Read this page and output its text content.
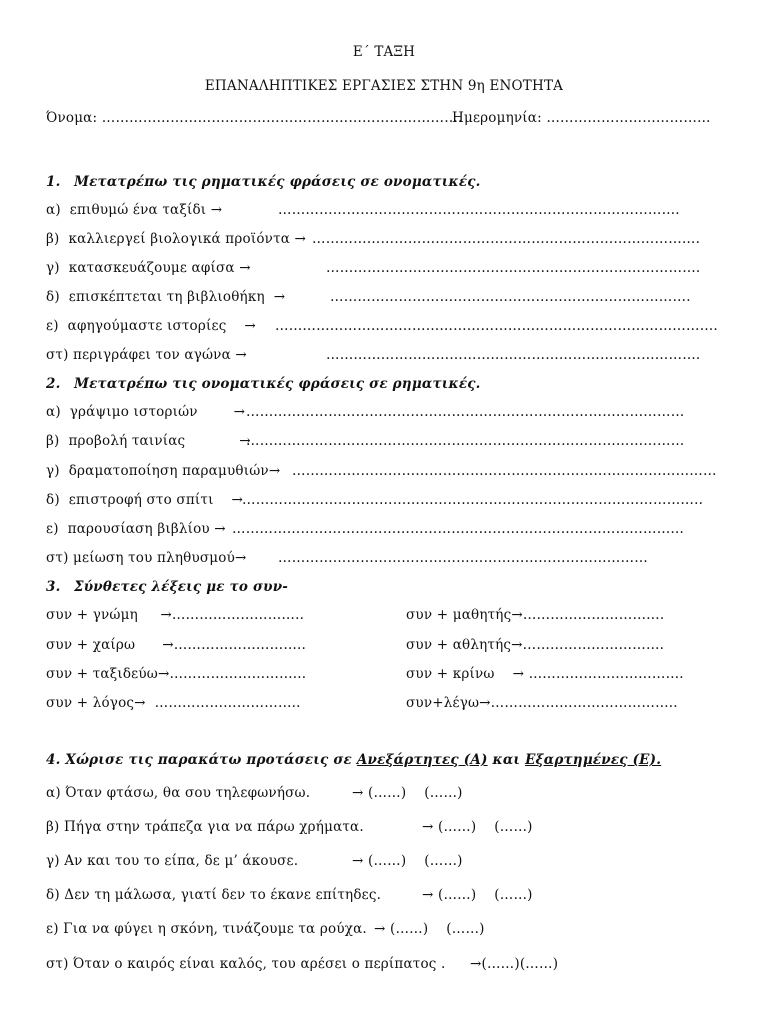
Ε΄ ΤΑΞΗ
ΕΠΑΝΑΛΗΠΤΙΚΕΣ ΕΡΓΑΣΙΕΣ ΣΤΗΝ 9η ΕΝΟΤΗΤΑ
Όνομα: …………………………………………………………………….
Ημερομηνία: ………………………………
1. Μετατρέπω τις ρηματικές φράσεις σε ονοματικές.
α)  επιθυμώ ένα ταξίδι →	…………………………………………………………………………….
β)  καλλιεργεί βιολογικά προϊόντα → ………………………………………………………………………….
γ)  κατασκευάζουμε αφίσα →	……………………………………………………………………….
δ)  επισκέπτεται τη βιβλιοθήκη  →	…………………………………………………………………….
ε)  αφηγούμαστε ιστορίες    → …………………………………………………………………………………….
στ) περιγράφει τον αγώνα →	……………………………………………………………………….
2. Μετατρέπω τις ονοματικές φράσεις σε ρηματικές.
α)  γράψιμο ιστοριών        → ……………………………………………………………………………………
β)  προβολή ταινίας            →
……………………………………………………………………………………
γ)  δραματοποίηση παραμυθιών→ …………………………………………………………………………………
δ)  επιστροφή στο σπίτι    →
………………………………………………………………………………………..
ε)  παρουσίαση βιβλίου → ………………………………………………………………………………………
στ) μείωση του πληθυσμού→ ………………………………………………………………………
3. Σύνθετες λέξεις με το συν-
συν + γνώμη     →………………………..	συν + μαθητής→………………………….
συν + χαίρω      →………………………..	συν + αθλητής→………………………….
συν + ταξιδεύω→………………………...	συν + κρίνω    → …………………………….
συν + λόγος→  …………………………..	συν+λέγω→…………………………………..
4. Χώρισε τις παρακάτω προτάσεις σε Ανεξάρτητες (Α) και Εξαρτημένες (Ε).
α) Όταν φτάσω, θα σου τηλεφωνήσω.	→ (……)    (……)
β) Πήγα στην τράπεζα για να πάρω χρήματα.	→ (……)    (……)
γ) Αν και του το είπα, δε μ’ άκουσε.	→ (……)    (……)
δ) Δεν τη μάλωσα, γιατί δεν το έκανε επίτηδες.	→ (……)    (……)
ε) Για να φύγει η σκόνη, τινάζουμε τα ρούχα. → (……)    (……)
στ) Όταν ο καιρός είναι καλός, του αρέσει ο περίπατος . →(……)(……)
